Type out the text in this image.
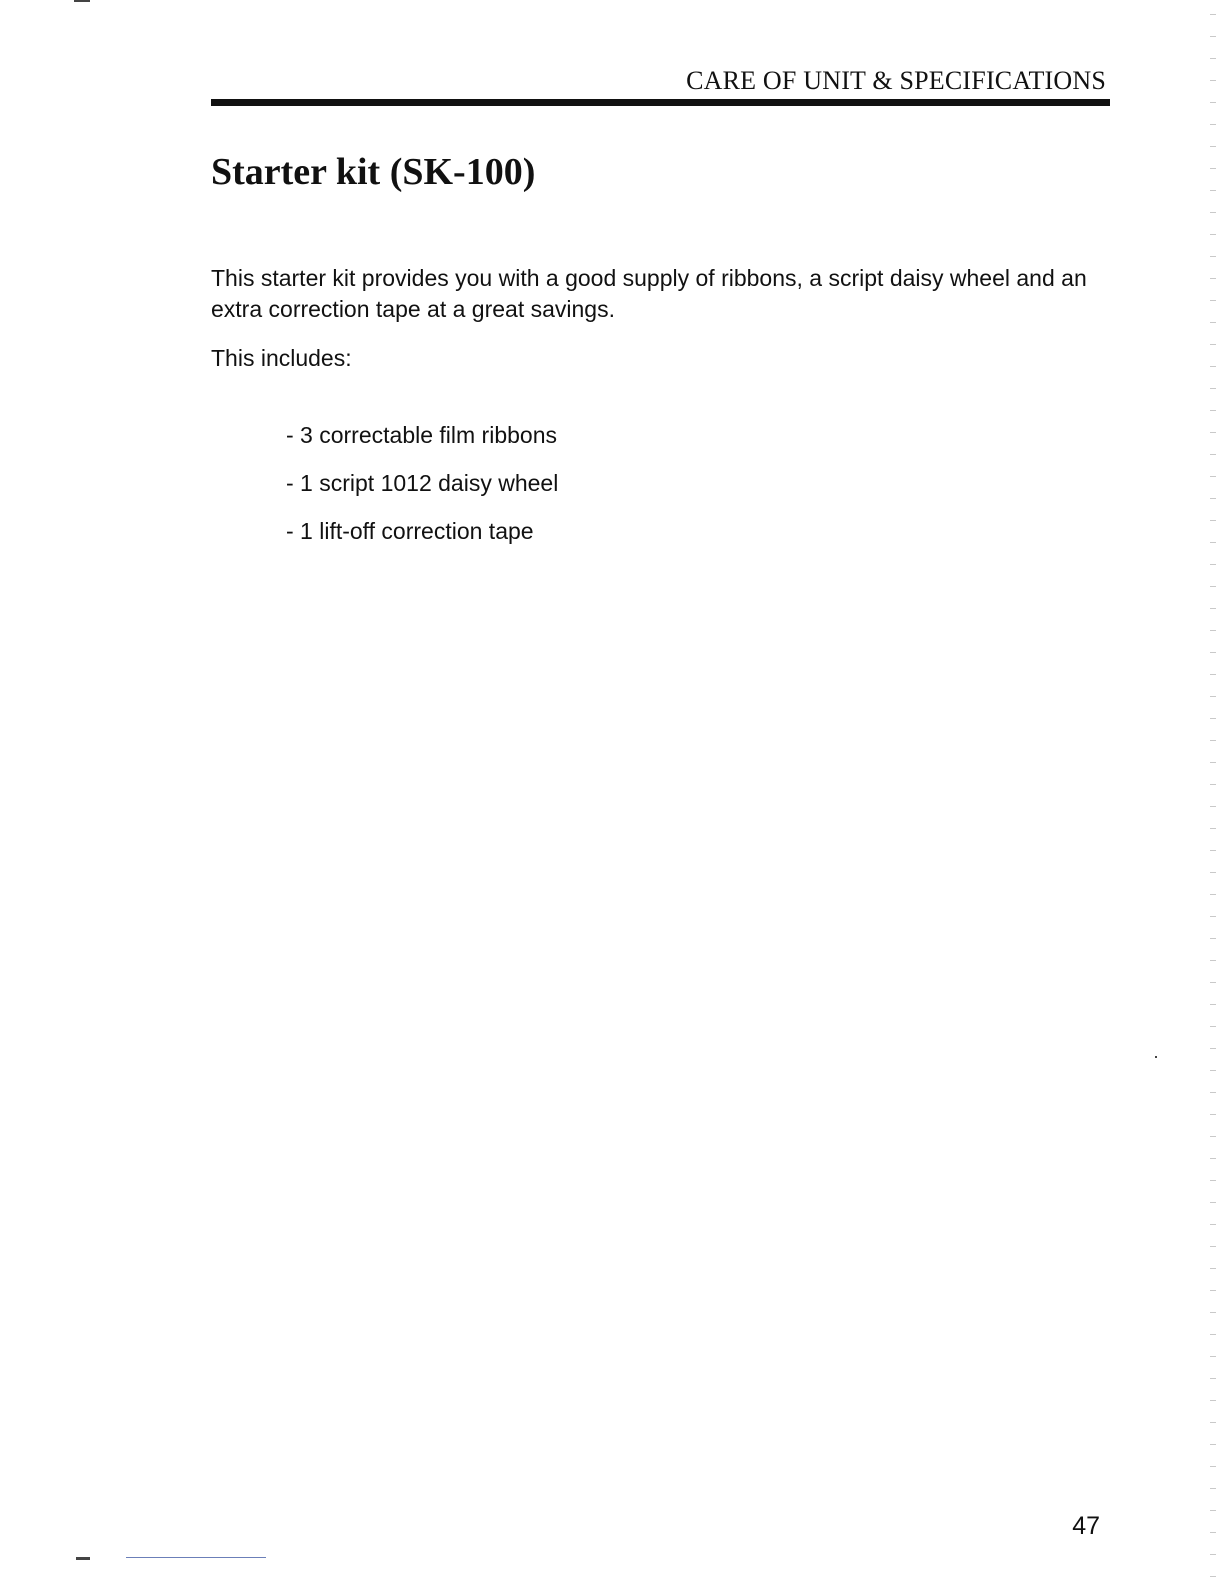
CARE OF UNIT & SPECIFICATIONS
Starter kit (SK-100)

This starter kit provides you with a good supply of ribbons, a script daisy wheel and an extra correction tape at a great savings.

This includes:

- 3 correctable film ribbons
- 1 script 1012 daisy wheel
- 1 lift-off correction tape
47
